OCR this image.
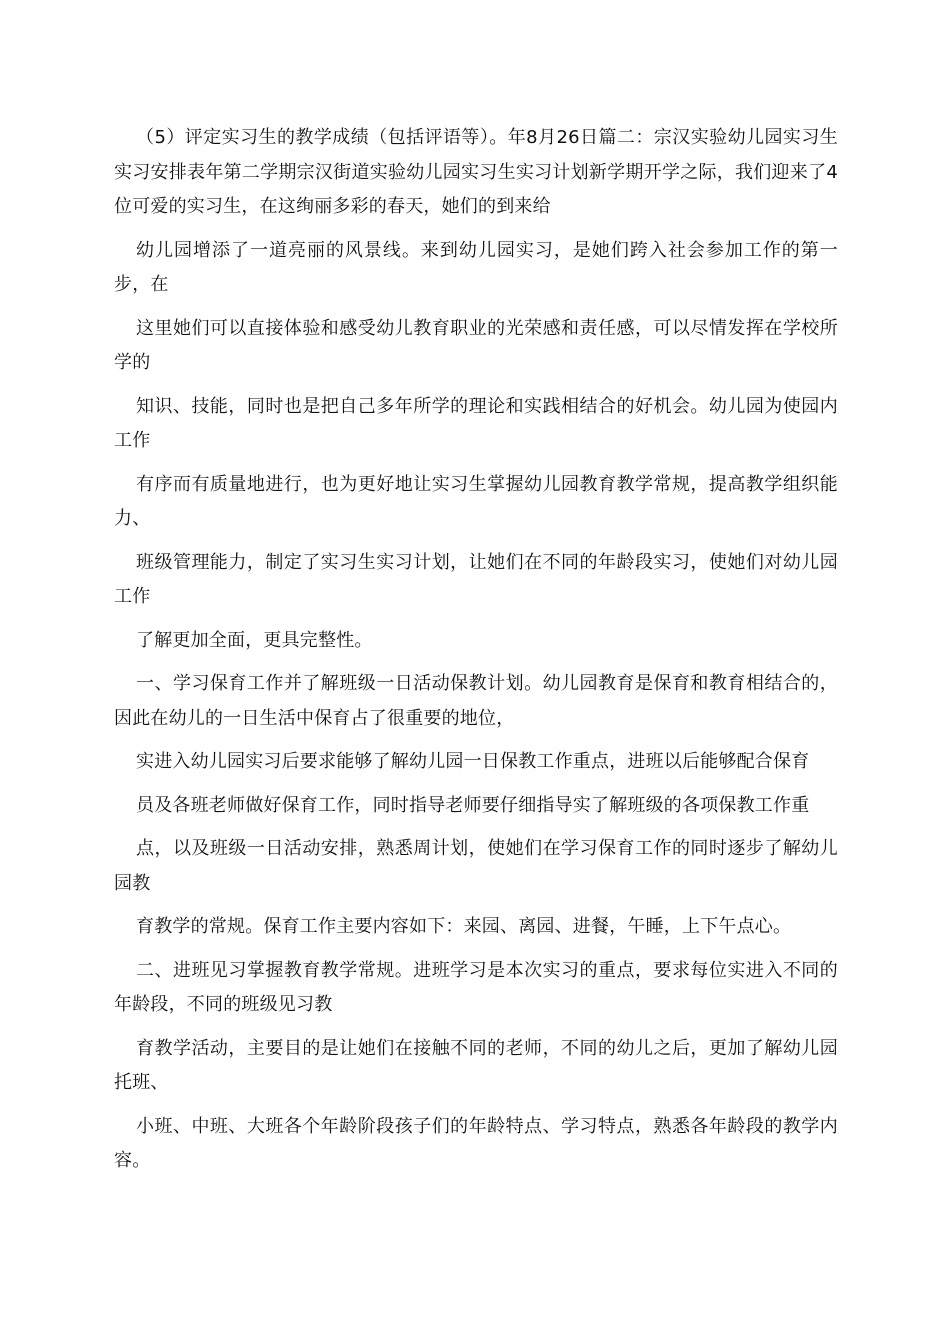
（5）评定实习生的教学成绩（包括评语等）。年8月26日篇二：宗汉实验幼儿园实习生实习安排表年第二学期宗汉街道实验幼儿园实习生实习计划新学期开学之际，我们迎来了4位可爱的实习生，在这绚丽多彩的春天，她们的到来给

幼儿园增添了一道亮丽的风景线。来到幼儿园实习，是她们跨入社会参加工作的第一步，在

这里她们可以直接体验和感受幼儿教育职业的光荣感和责任感，可以尽情发挥在学校所学的

知识、技能，同时也是把自己多年所学的理论和实践相结合的好机会。幼儿园为使园内工作

有序而有质量地进行，也为更好地让实习生掌握幼儿园教育教学常规，提高教学组织能力、

班级管理能力，制定了实习生实习计划，让她们在不同的年龄段实习，使她们对幼儿园工作

了解更加全面，更具完整性。

一、学习保育工作并了解班级一日活动保教计划。幼儿园教育是保育和教育相结合的，因此在幼儿的一日生活中保育占了很重要的地位，

实进入幼儿园实习后要求能够了解幼儿园一日保教工作重点，进班以后能够配合保育

员及各班老师做好保育工作，同时指导老师要仔细指导实了解班级的各项保教工作重

点，以及班级一日活动安排，熟悉周计划，使她们在学习保育工作的同时逐步了解幼儿园教

育教学的常规。保育工作主要内容如下：来园、离园、进餐，午睡，上下午点心。

二、进班见习掌握教育教学常规。进班学习是本次实习的重点，要求每位实进入不同的年龄段，不同的班级见习教

育教学活动，主要目的是让她们在接触不同的老师，不同的幼儿之后，更加了解幼儿园托班、

小班、中班、大班各个年龄阶段孩子们的年龄特点、学习特点，熟悉各年龄段的教学内容。
